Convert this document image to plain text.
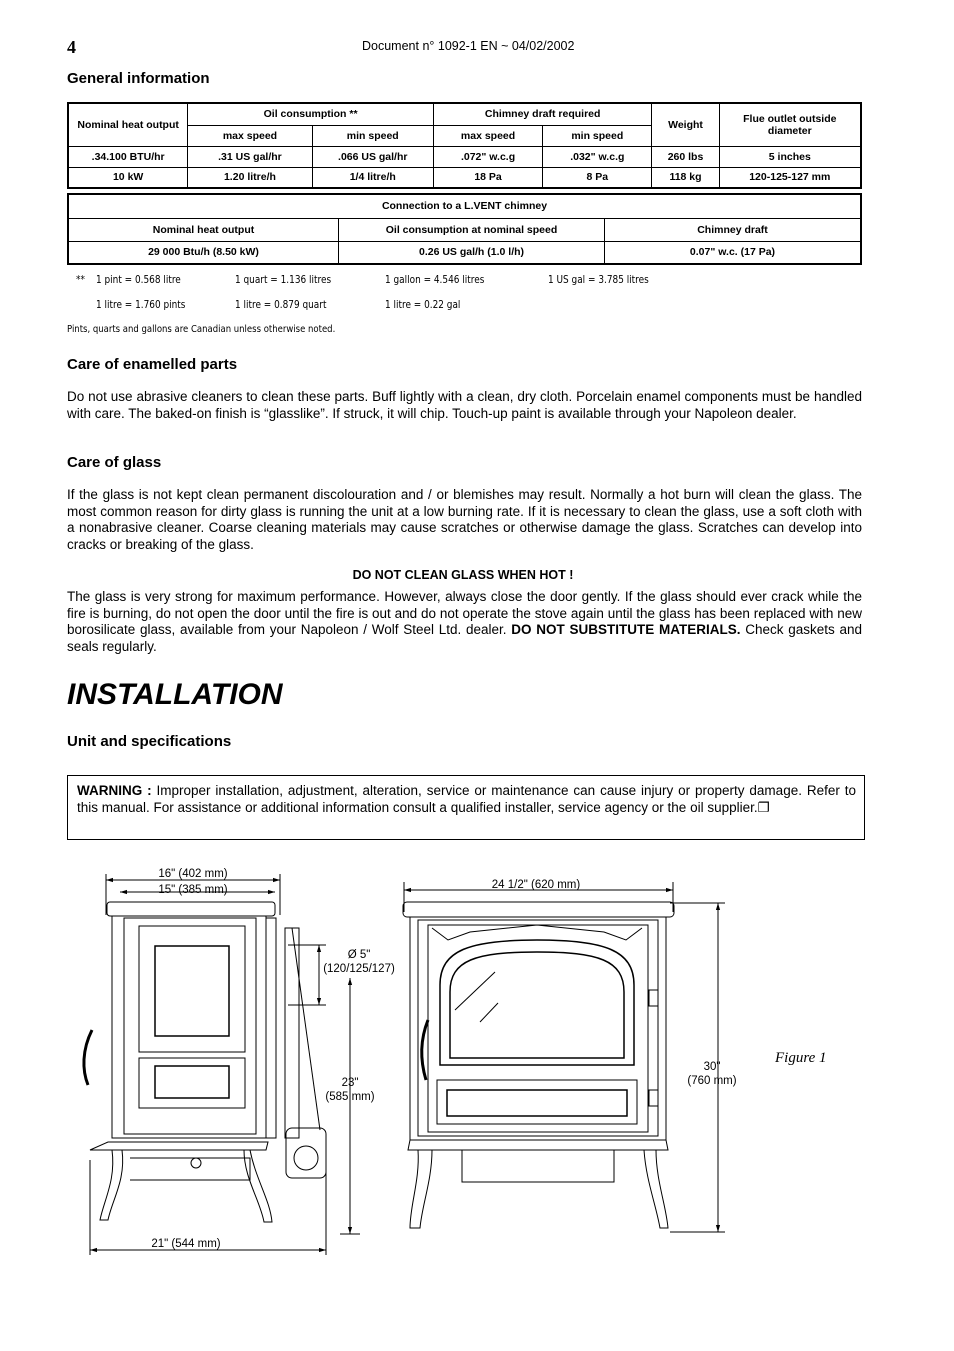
4	Document n° 1092-1 EN ~ 04/02/2002
General information
Nominal heat output	Oil consumption **		Chimney draft required		Weight	Flue outlet outside diameter
	max speed	min speed	max speed	min speed		
.34.100 BTU/hr	.31 US gal/hr	.066 US gal/hr	.072" w.c.g	.032" w.c.g	260 lbs	5 inches
10 kW	1.20 litre/h	1/4 litre/h	18 Pa	8 Pa	118 kg	120-125-127 mm
Connection to a L.VENT chimney		
Nominal heat output	Oil consumption at nominal speed	Chimney draft
29 000 Btu/h (8.50 kW)	0.26 US gal/h (1.0 l/h)	0.07" w.c. (17 Pa)
** 1 pint = 0.568 litre	1 quart = 1.136 litres	1 gallon = 4.546 litres	1 US gal = 3.785 litres
1 litre = 1.760 pints	1 litre = 0.879 quart	1 litre = 0.22 gal
Pints, quarts and gallons are Canadian unless otherwise noted.
Care of enamelled parts

Do not use abrasive cleaners to clean these parts. Buff lightly with a clean, dry cloth. Porcelain enamel components must be handled with care. The baked-on finish is “glasslike”. If struck, it will chip. Touch-up paint is available through your Napoleon dealer.

Care of glass

If the glass is not kept clean permanent discolouration and / or blemishes may result. Normally a hot burn will clean the glass. The most common reason for dirty glass is running the unit at a low burning rate. If it is necessary to clean the glass, use a soft cloth with a nonabrasive cleaner. Coarse cleaning materials may cause scratches or otherwise damage the glass. Scratches can develop into cracks or breaking of the glass.

DO NOT CLEAN GLASS WHEN HOT !

The glass is very strong for maximum performance. However, always close the door gently. If the glass should ever crack while the fire is burning, do not open the door until the fire is out and do not operate the stove again until the glass has been replaced with new borosilicate glass, available from your Napoleon / Wolf Steel Ltd. dealer. DO NOT SUBSTITUTE MATERIALS. Check gaskets and seals regularly.

INSTALLATION
Unit and specifications
WARNING : Improper installation, adjustment, alteration, service or maintenance can cause injury or property damage. Refer to this manual. For assistance or additional information consult a qualified installer, service agency or the oil supplier.❐
16" (402 mm)
15" (385 mm)
Ø 5"
(120/125/127)
23"
(585 mm)
21" (544 mm)
24 1/2" (620 mm)
30"
(760 mm)
Figure 1
